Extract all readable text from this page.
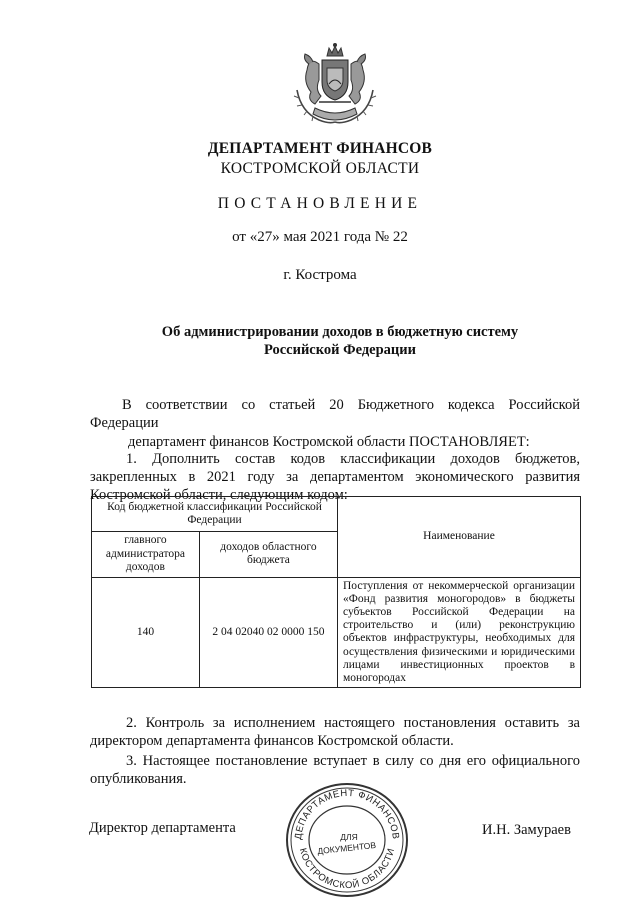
ДЕПАРТАМЕНТ ФИНАНСОВ
КОСТРОМСКОЙ ОБЛАСТИ
ПОСТАНОВЛЕНИЕ
от «27» мая 2021 года № 22
г. Кострома
Об администрировании доходов в бюджетную систему
Российской Федерации
В соответствии со статьей 20 Бюджетного кодекса Российской
Федерации
департамент финансов Костромской области ПОСТАНОВЛЯЕТ:
1. Дополнить состав кодов классификации доходов бюджетов, закрепленных в 2021 году за департаментом экономического развития Костромской области, следующим кодом:
Код бюджетной классификации Российской Федерации		Наименование
главного администратора доходов	доходов областного бюджета	
140	2 04 02040 02 0000 150	Поступления от некоммерческой организации «Фонд развития моногородов» в бюджеты субъектов Российской Федерации на строительство и (или) реконструкцию объектов инфраструктуры, необходимых для осуществления физическими и юридическими лицами инвестиционных проектов в моногородах
2. Контроль за исполнением настоящего постановления оставить за директором департамента финансов Костромской области.
3. Настоящее постановление вступает в силу со дня его официального опубликования.
Директор департамента	И.Н. Замураев
ДЕПАРТАМЕНТ ФИНАНСОВ
КОСТРОМСКОЙ ОБЛАСТИ
ДЛЯ
ДОКУМЕНТОВ
